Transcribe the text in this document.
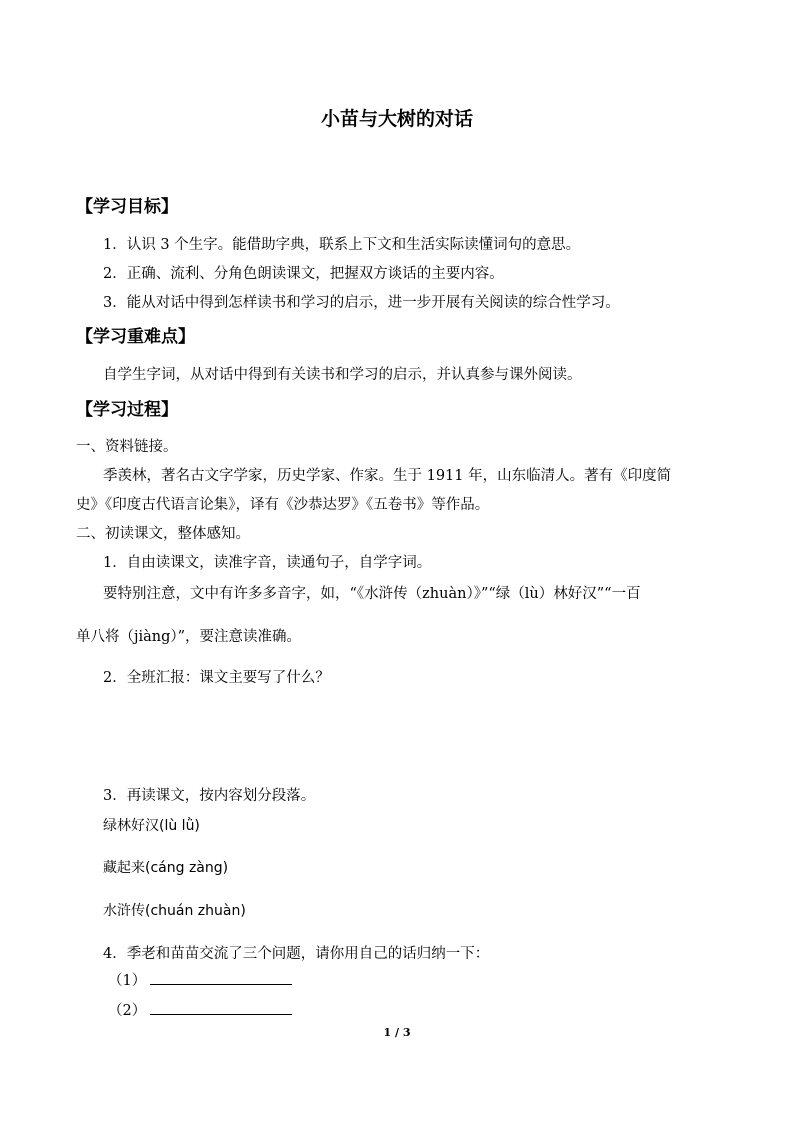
小苗与大树的对话
【学习目标】
1．认识 3 个生字。能借助字典，联系上下文和生活实际读懂词句的意思。
2．正确、流利、分角色朗读课文，把握双方谈话的主要内容。
3．能从对话中得到怎样读书和学习的启示，进一步开展有关阅读的综合性学习。
【学习重难点】
自学生字词，从对话中得到有关读书和学习的启示，并认真参与课外阅读。
【学习过程】
一、资料链接。
季羡林，著名古文字学家，历史学家、作家。生于 1911 年，山东临清人。著有《印度简
史》《印度古代语言论集》，译有《沙恭达罗》《五卷书》等作品。
二、初读课文，整体感知。
1．自由读课文，读准字音，读通句子，自学字词。
要特别注意，文中有许多多音字，如，“《水浒传（zhuàn）》”“绿（lù）林好汉”“一百
单八将（jiàng）”，要注意读准确。
2．全班汇报：课文主要写了什么？
3．再读课文，按内容划分段落。
绿林好汉(lù lǜ)
藏起来(cáng zàng)
水浒传(chuán zhuàn)
4．季老和苗苗交流了三个问题，请你用自己的话归纳一下：
（1）
（2）
1 / 3
